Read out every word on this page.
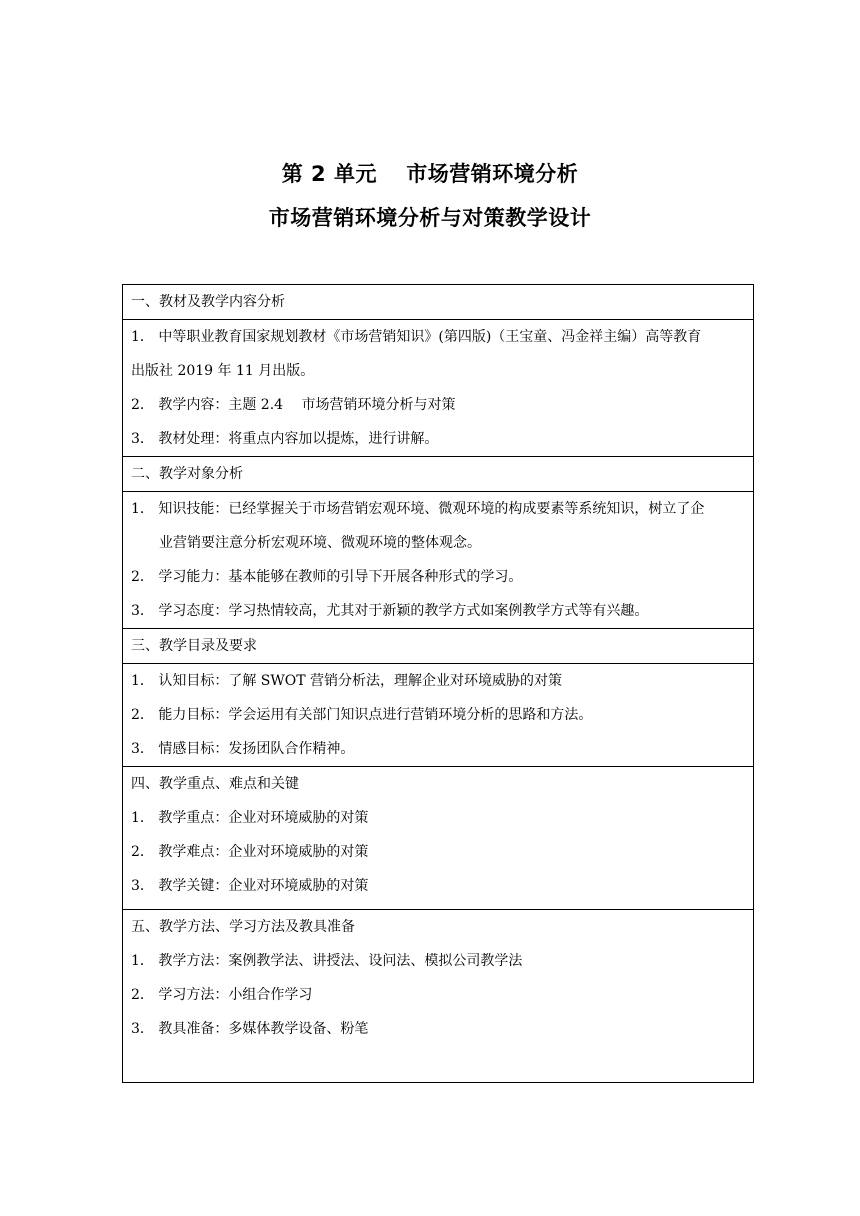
第 2 单元　 市场营销环境分析
市场营销环境分析与对策教学设计
一、教材及教学内容分析

1． 中等职业教育国家规划教材《市场营销知识》(第四版)（王宝童、冯金祥主编）高等教育
出版社 2019 年 11 月出版。
2． 教学内容：主题 2.4　 市场营销环境分析与对策
3． 教材处理：将重点内容加以提炼，进行讲解。

二、教学对象分析

1． 知识技能：已经掌握关于市场营销宏观环境、微观环境的构成要素等系统知识，树立了企
业营销要注意分析宏观环境、微观环境的整体观念。
2． 学习能力：基本能够在教师的引导下开展各种形式的学习。
3． 学习态度：学习热情较高，尤其对于新颖的教学方式如案例教学方式等有兴趣。

三、教学目录及要求

1． 认知目标：了解 SWOT 营销分析法，理解企业对环境威胁的对策
2． 能力目标：学会运用有关部门知识点进行营销环境分析的思路和方法。
3． 情感目标：发扬团队合作精神。

四、教学重点、难点和关键
1． 教学重点：企业对环境威胁的对策
2． 教学难点：企业对环境威胁的对策
3． 教学关键：企业对环境威胁的对策

五、教学方法、学习方法及教具准备
1． 教学方法：案例教学法、讲授法、设问法、模拟公司教学法
2． 学习方法：小组合作学习
3． 教具准备：多媒体教学设备、粉笔
